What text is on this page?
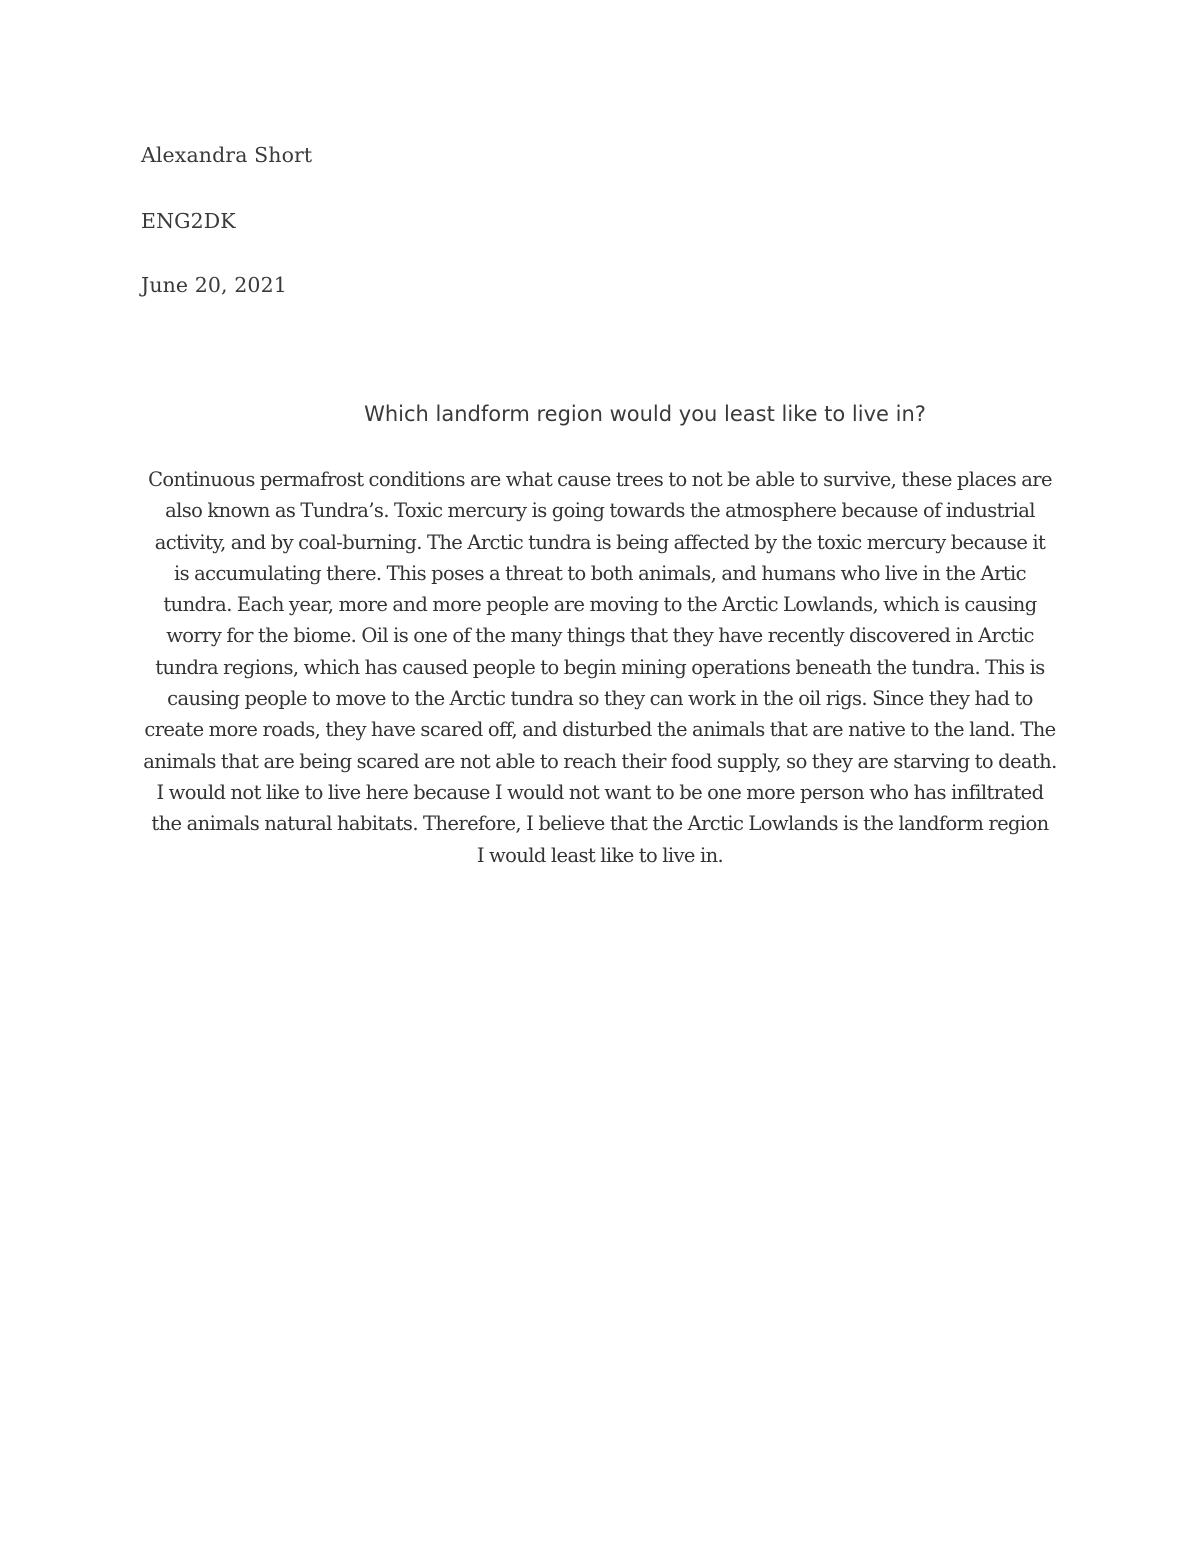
Alexandra Short
ENG2DK
June 20, 2021
Which landform region would you least like to live in?
Continuous permafrost conditions are what cause trees to not be able to survive, these places are
also known as Tundra’s. Toxic mercury is going towards the atmosphere because of industrial
activity, and by coal-burning. The Arctic tundra is being affected by the toxic mercury because it
is accumulating there. This poses a threat to both animals, and humans who live in the Artic
tundra. Each year, more and more people are moving to the Arctic Lowlands, which is causing
worry for the biome. Oil is one of the many things that they have recently discovered in Arctic
tundra regions, which has caused people to begin mining operations beneath the tundra. This is
causing people to move to the Arctic tundra so they can work in the oil rigs. Since they had to
create more roads, they have scared off, and disturbed the animals that are native to the land. The
animals that are being scared are not able to reach their food supply, so they are starving to death.
I would not like to live here because I would not want to be one more person who has infiltrated
the animals natural habitats. Therefore, I believe that the Arctic Lowlands is the landform region
I would least like to live in.
